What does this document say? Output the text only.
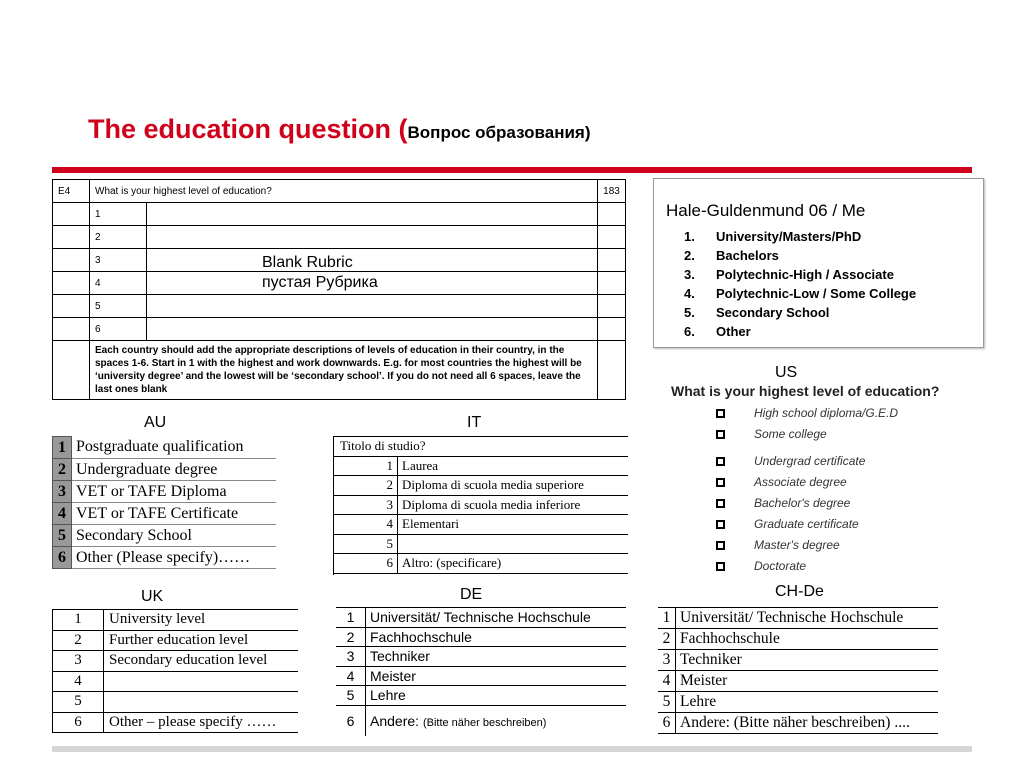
The education question (Вопрос образования)
E4	What is your highest level of education?		183
	1		
	2		
	3		
	4		
	5		
	6		
	Each country should add the appropriate descriptions of levels of education in their country, in the spaces 1-6. Start in 1 with the highest and work downwards. E.g. for most countries the highest will be ‘university degree’ and the lowest will be ‘secondary school’. If you do not need all 6 spaces, leave the last ones blank		
Blank Rubric
пустая Рубрика
Hale-Guldenmund 06 / Me
1. University/Masters/PhD
2. Bachelors
3. Polytechnic-High / Associate
4. Polytechnic-Low / Some College
5. Secondary School
6. Other
US
What is your highest level of education?
High school diploma/G.E.D
Some college
Undergrad certificate
Associate degree
Bachelor's degree
Graduate certificate
Master's degree
Doctorate
AU
1	Postgraduate qualification
2	Undergraduate degree
3	VET or TAFE Diploma
4	VET or TAFE Certificate
5	Secondary School
6	Other (Please specify)……
IT
Titolo di studio?	
1	Laurea
2	Diploma di scuola media superiore
3	Diploma di scuola media inferiore
4	Elementari
5	
6	Altro: (specificare)
UK
1	University level
2	Further education level
3	Secondary education level
4	
5	
6	Other – please specify ……
DE
1	Universität/ Technische Hochschule
2	Fachhochschule
3	Techniker
4	Meister
5	Lehre
6	Andere: (Bitte näher beschreiben)
CH-De
1	Universität/ Technische Hochschule
2	Fachhochschule
3	Techniker
4	Meister
5	Lehre
6	Andere: (Bitte näher beschreiben) ....
